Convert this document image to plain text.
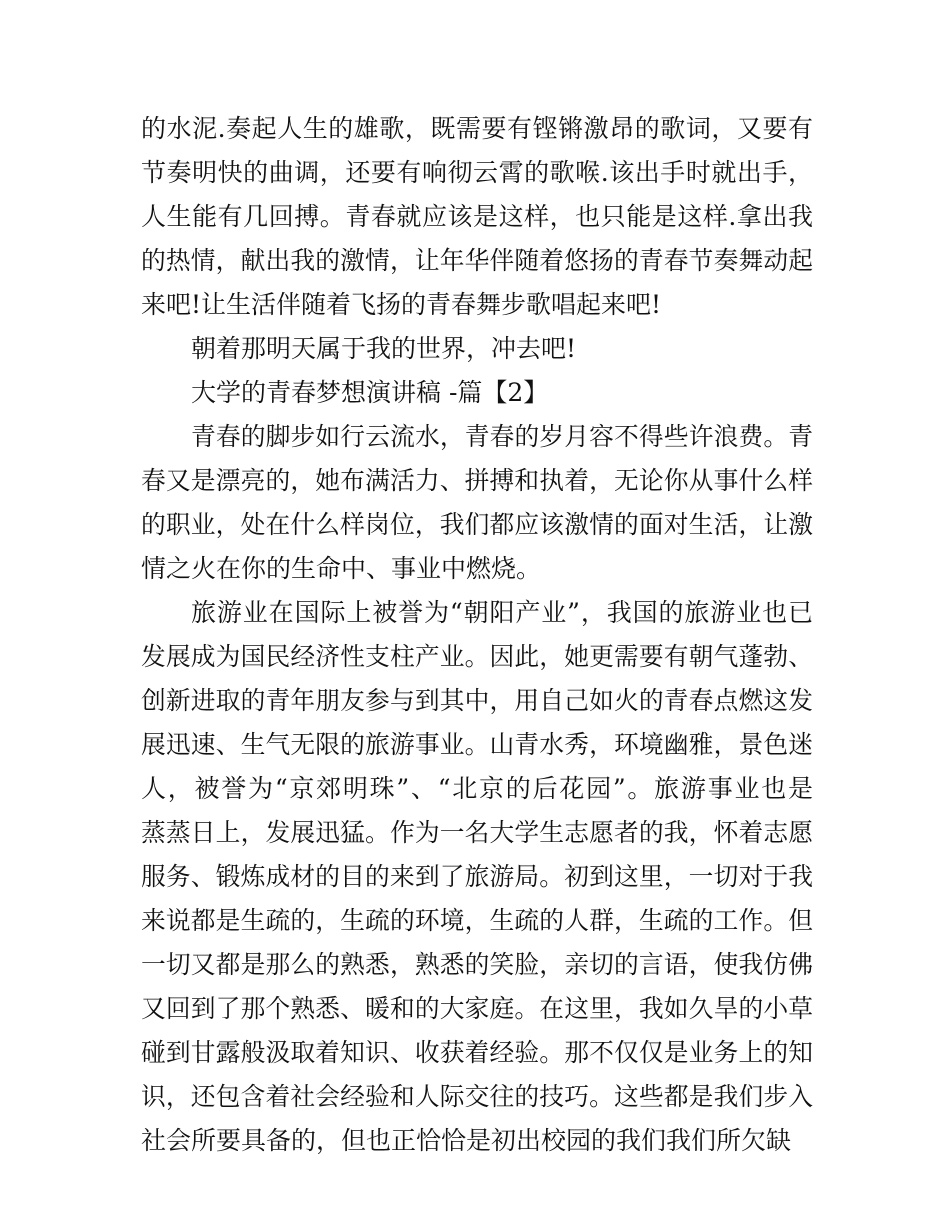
的水泥.奏起人生的雄歌，既需要有铿锵激昂的歌词，又要有
节奏明快的曲调，还要有响彻云霄的歌喉.该出手时就出手，
人生能有几回搏。青春就应该是这样，也只能是这样.拿出我
的热情，献出我的激情，让年华伴随着悠扬的青春节奏舞动起
来吧!让生活伴随着飞扬的青春舞步歌唱起来吧!
朝着那明天属于我的世界，冲去吧!
大学的青春梦想演讲稿 -篇【2】
青春的脚步如行云流水，青春的岁月容不得些许浪费。青
春又是漂亮的，她布满活力、拼搏和执着，无论你从事什么样
的职业，处在什么样岗位，我们都应该激情的面对生活，让激
情之火在你的生命中、事业中燃烧。
旅游业在国际上被誉为“朝阳产业”，我国的旅游业也已
发展成为国民经济性支柱产业。因此，她更需要有朝气蓬勃、
创新进取的青年朋友参与到其中，用自己如火的青春点燃这发
展迅速、生气无限的旅游事业。山青水秀，环境幽雅，景色迷
人，被誉为“京郊明珠”、“北京的后花园”。旅游事业也是
蒸蒸日上，发展迅猛。作为一名大学生志愿者的我，怀着志愿
服务、锻炼成材的目的来到了旅游局。初到这里，一切对于我
来说都是生疏的，生疏的环境，生疏的人群，生疏的工作。但
一切又都是那么的熟悉，熟悉的笑脸，亲切的言语，使我仿佛
又回到了那个熟悉、暖和的大家庭。在这里，我如久旱的小草
碰到甘露般汲取着知识、收获着经验。那不仅仅是业务上的知
识，还包含着社会经验和人际交往的技巧。这些都是我们步入
社会所要具备的，但也正恰恰是初出校园的我们我们所欠缺
